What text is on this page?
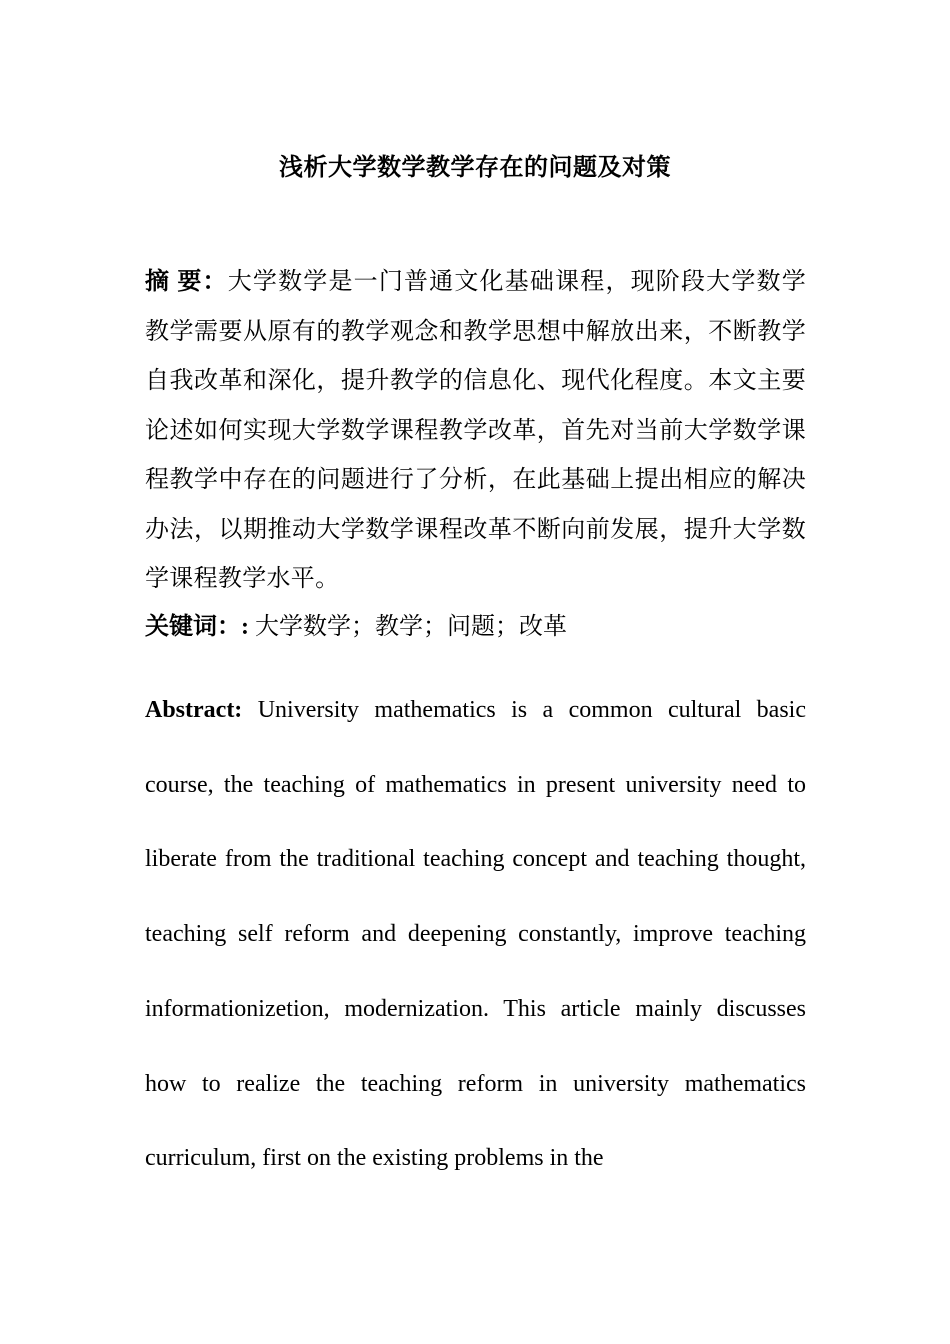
浅析大学数学教学存在的问题及对策
摘 要：大学数学是一门普通文化基础课程，现阶段大学数学教学需要从原有的教学观念和教学思想中解放出来，不断教学自我改革和深化，提升教学的信息化、现代化程度。本文主要论述如何实现大学数学课程教学改革，首先对当前大学数学课程教学中存在的问题进行了分析，在此基础上提出相应的解决办法，以期推动大学数学课程改革不断向前发展，提升大学数学课程教学水平。
关键词：: 大学数学；教学；问题；改革
Abstract: University mathematics is a common cultural basic course, the teaching of mathematics in present university need to liberate from the traditional teaching concept and teaching thought, teaching self reform and deepening constantly, improve teaching informationizetion, modernization. This article mainly discusses how to realize the teaching reform in university mathematics curriculum, first on the existing problems in the
